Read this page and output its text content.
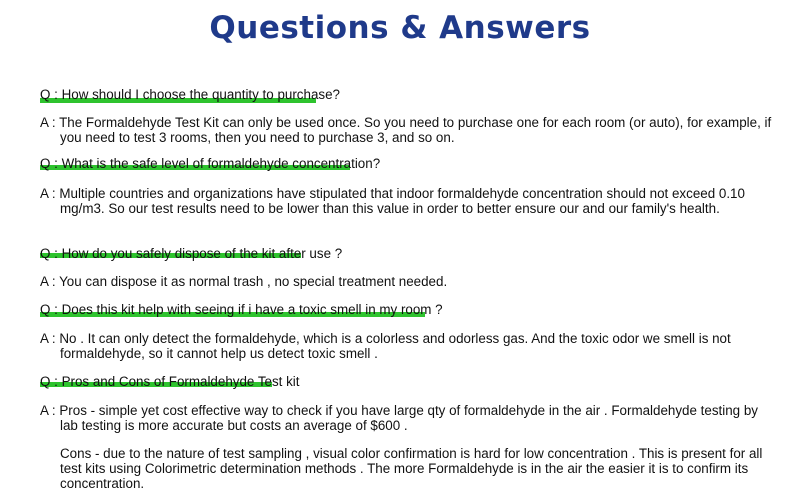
Questions & Answers
Q : How should I choose the quantity to purchase?
A : The Formaldehyde Test Kit can only be used once. So you need to purchase one for each room (or auto), for example, if you need to test 3 rooms, then you need to purchase 3, and so on.
Q : What is the safe level of formaldehyde concentration?
A : Multiple countries and organizations have stipulated that indoor formaldehyde concentration should not exceed 0.10 mg/m3. So our test results need to be lower than this value in order to better ensure our and our family's health.
Q : How do you safely dispose of the kit after use ?
A : You can dispose it as normal trash , no special treatment needed.
Q : Does this kit help with seeing if i have a toxic smell in my room ?
A : No . It can only detect the formaldehyde, which is a colorless and odorless gas. And the toxic odor we smell is not formaldehyde, so it cannot help us detect toxic smell .
Q : Pros and Cons of Formaldehyde Test kit
A : Pros - simple yet cost effective way to check if you have large qty of formaldehyde in the air . Formaldehyde testing by lab testing is more accurate but costs an average of $600 .
Cons - due to the nature of test sampling , visual color confirmation is hard for low concentration . This is present for all test kits using Colorimetric determination methods . The more Formaldehyde is in the air the easier it is to confirm its concentration.
